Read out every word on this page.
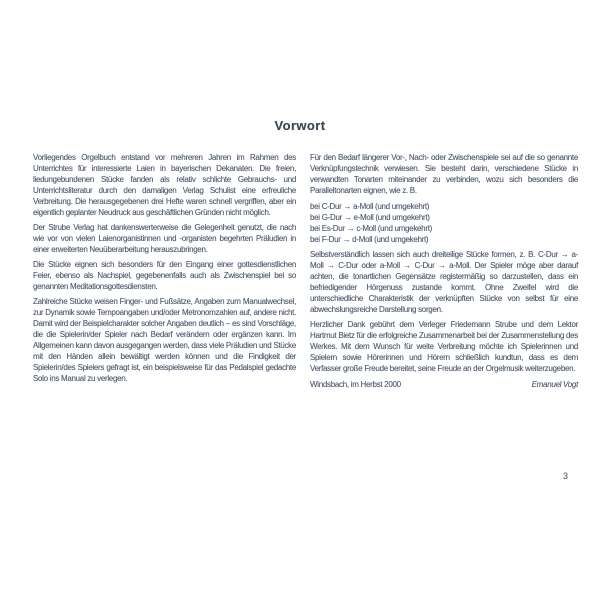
Vorwort

Vorliegendes Orgelbuch entstand vor mehreren Jahren im Rahmen des Unterrichtes für interessierte Laien in bayerischen Dekanaten. Die freien, liedungebundenen Stücke fanden als relativ schlichte Gebrauchs- und Unterrichtsliteratur durch den damaligen Verlag Schulist eine erfreuliche Verbreitung. Die herausgegebenen drei Hefte waren schnell vergriffen, aber ein eigentlich geplanter Neudruck aus geschäftlichen Gründen nicht möglich.

Der Strube Verlag hat dankenswerterweise die Gelegenheit genutzt, die nach wie vor von vielen Laienorganistinnen und -organisten begehrten Präludien in einer erweiterten Neuüberarbeitung herauszubringen.

Die Stücke eignen sich besonders für den Eingang einer gottesdienstlichen Feier, ebenso als Nachspiel, gegebenenfalls auch als Zwischenspiel bei so genannten Meditationsgottesdiensten.

Zahlreiche Stücke weisen Finger- und Fußsätze, Angaben zum Manualwechsel, zur Dynamik sowie Tempoangaben und/oder Metronomzahlen auf, andere nicht. Damit wird der Beispielcharakter solcher Angaben deutlich – es sind Vorschläge, die die Spielerin/der Spieler nach Bedarf verändern oder ergänzen kann. Im Allgemeinen kann davon ausgegangen werden, dass viele Präludien und Stücke mit den Händen allein bewältigt werden können und die Findigkeit der Spielerin/des Spielers gefragt ist, ein beispielsweise für das Pedalspiel gedachte Solo ins Manual zu verlegen.

Für den Bedarf längerer Vor-, Nach- oder Zwischenspiele sei auf die so genannte Verknüpfungstechnik verwiesen. Sie besteht darin, verschiedene Stücke in verwandten Tonarten miteinander zu verbinden, wozu sich besonders die Paralleltonarten eignen, wie z. B.

bei C-Dur → a-Moll (und umgekehrt)
bei G-Dur → e-Moll (und umgekehrt)
bei Es-Dur → c-Moll (und umgekehrt)
bei F-Dur → d-Moll (und umgekehrt)

Selbstverständlich lassen sich auch dreiteilige Stücke formen, z. B. C-Dur → a-Moll → C-Dur oder a-Moll → C-Dur → a-Moll. Der Spieler möge aber darauf achten, die tonartlichen Gegensätze registermäßig so darzustellen, dass ein befriedigender Hörgenuss zustande kommt. Ohne Zweifel wird die unterschiedliche Charakteristik der verknüpften Stücke von selbst für eine abwechslungsreiche Darstellung sorgen.

Herzlicher Dank gebührt dem Verleger Friedemann Strube und dem Lektor Hartmut Bietz für die erfolgreiche Zusammenarbeit bei der Zusammenstellung des Werkes. Mit dem Wunsch für weite Verbreitung möchte ich Spielerinnen und Spielern sowie Hörerinnen und Hörern schließlich kundtun, dass es dem Verfasser große Freude bereitet, seine Freude an der Orgelmusik weiterzugeben.

Windsbach, im Herbst 2000	Emanuel Vogt
3
